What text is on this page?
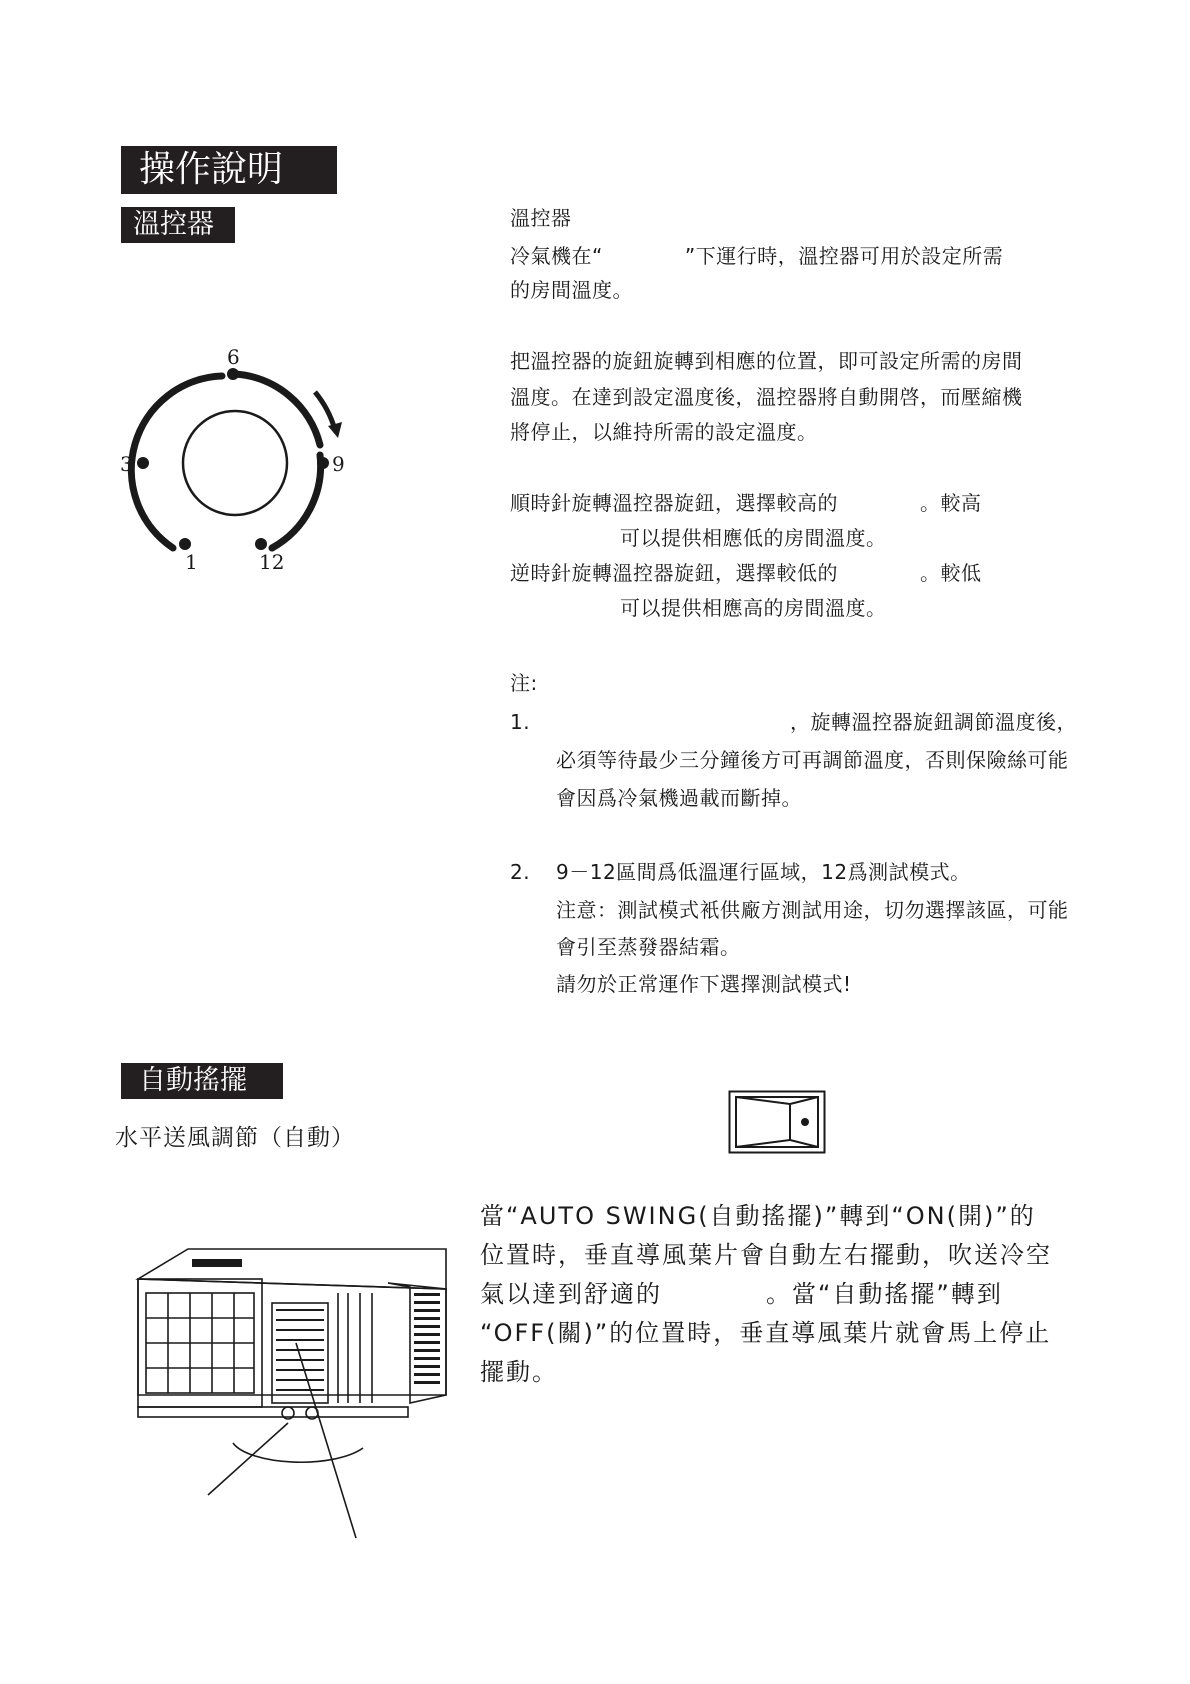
操作說明
溫控器
6
3	9
1	12
溫控器
冷氣機在“　　　　”下運行時，溫控器可用於設定所需
的房間溫度。
把溫控器的旋鈕旋轉到相應的位置，即可設定所需的房間
溫度。在達到設定溫度後，溫控器將自動開啓，而壓縮機
將停止，以維持所需的設定溫度。
順時針旋轉溫控器旋鈕，選擇較高的　　　　。較高
可以提供相應低的房間溫度。
逆時針旋轉溫控器旋鈕，選擇較低的　　　　。較低
可以提供相應高的房間溫度。
注:
1.	，旋轉溫控器旋鈕調節溫度後，
必須等待最少三分鐘後方可再調節溫度，否則保險絲可能
會因爲冷氣機過載而斷掉。
2. 9－12區間爲低溫運行區域，12爲測試模式。
注意：測試模式衹供廠方測試用途，切勿選擇該區，可能
會引至蒸發器結霜。
請勿於正常運作下選擇測試模式!
自動搖擺
水平送風調節（自動）
當“AUTO SWING(自動搖擺)”轉到“ON(開)”的
位置時，垂直導風葉片會自動左右擺動，吹送冷空
氣以達到舒適的　　　　。當“自動搖擺”轉到
“OFF(關)”的位置時，垂直導風葉片就會馬上停止
擺動。
